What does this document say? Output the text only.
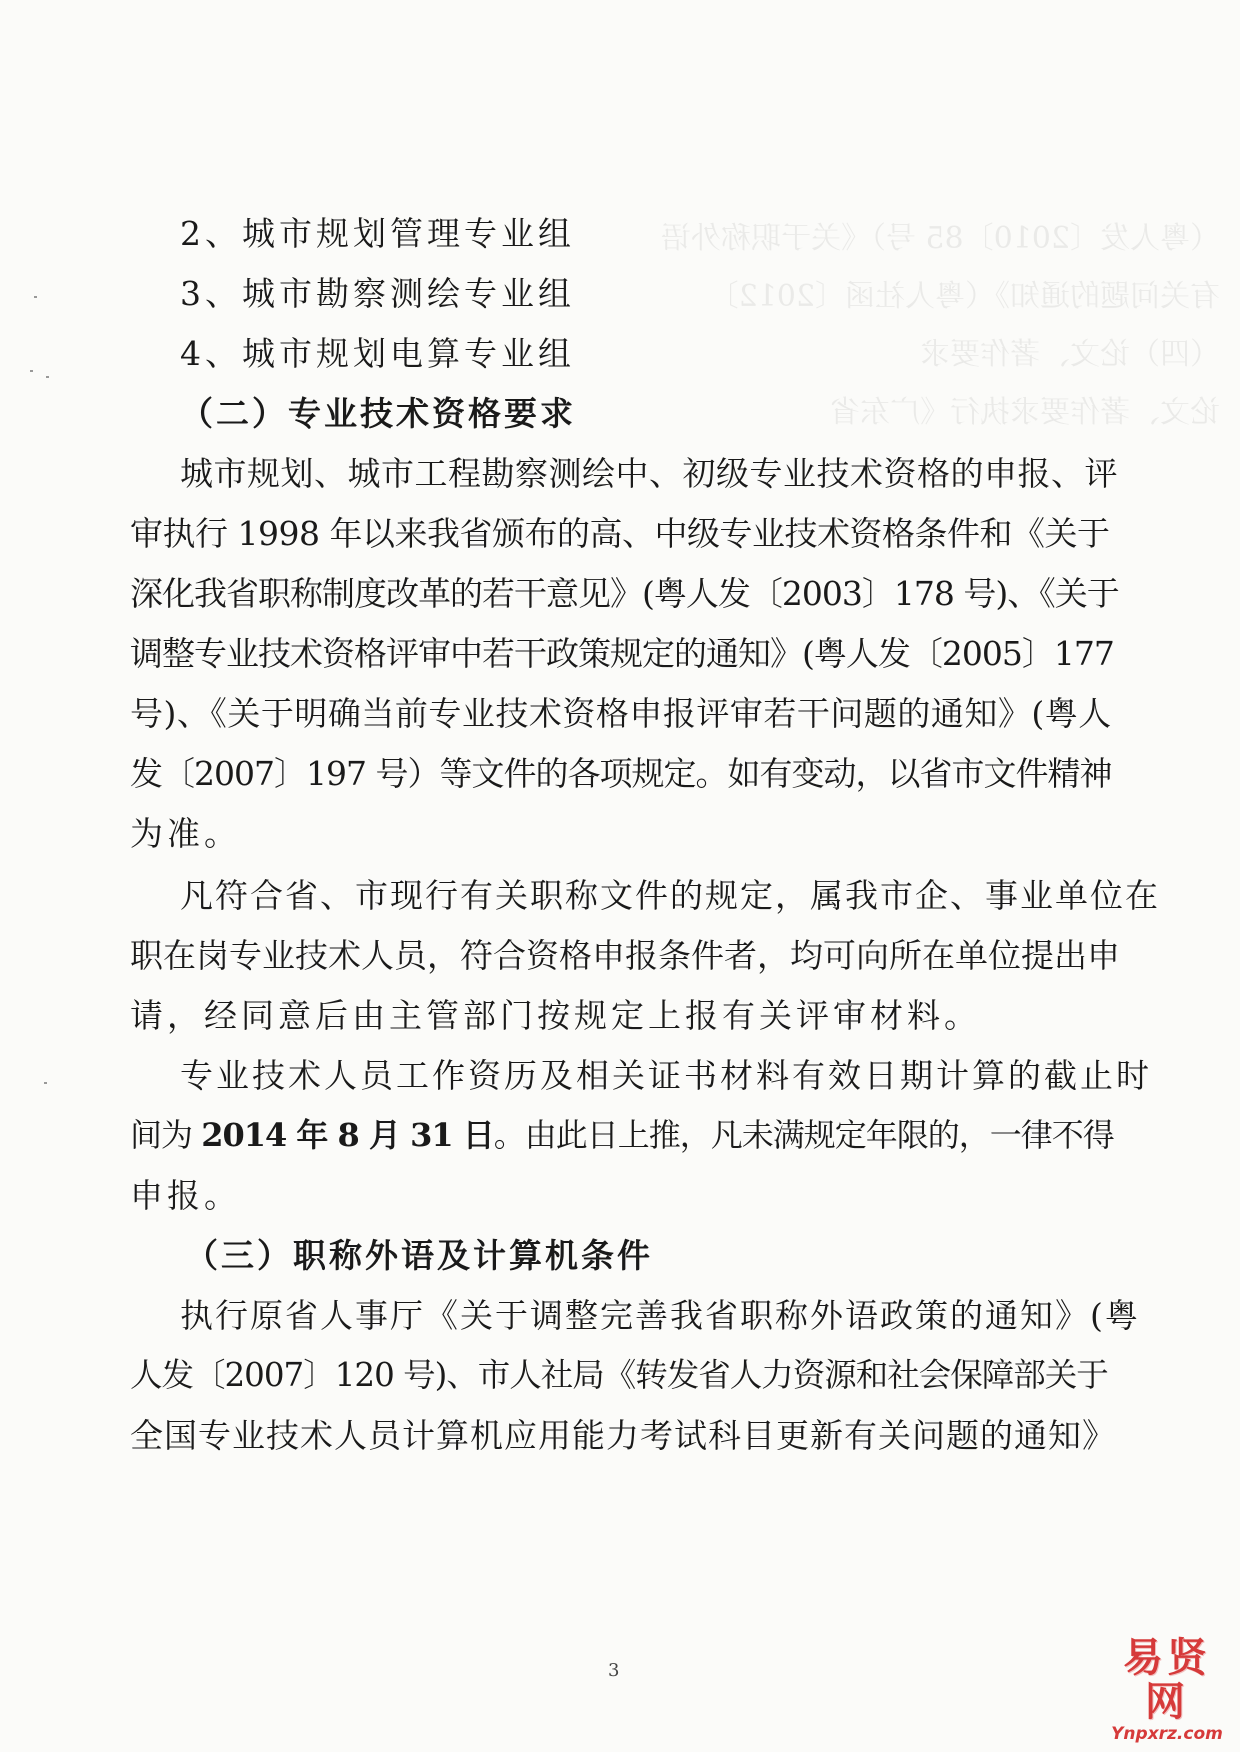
（粤人发〔2010〕85 号）《关于职称外语
有关问题的通知》（粤人社函〔2012〕
（四）论文、著作要求
论文、著作要求执行《广东省
2、城市规划管理专业组
3、城市勘察测绘专业组
4、城市规划电算专业组
（二）专业技术资格要求
城市规划、城市工程勘察测绘中、初级专业技术资格的申报、评
审执行 1998 年以来我省颁布的高、中级专业技术资格条件和《关于
深化我省职称制度改革的若干意见》(粤人发〔2003〕178 号)、《关于
调整专业技术资格评审中若干政策规定的通知》(粤人发〔2005〕177
号)、《关于明确当前专业技术资格申报评审若干问题的通知》(粤人
发〔2007〕197 号）等文件的各项规定。如有变动，以省市文件精神
为准。
凡符合省、市现行有关职称文件的规定，属我市企、事业单位在
职在岗专业技术人员，符合资格申报条件者，均可向所在单位提出申
请，经同意后由主管部门按规定上报有关评审材料。
专业技术人员工作资历及相关证书材料有效日期计算的截止时
间为 2014 年 8 月 31 日。由此日上推，凡未满规定年限的，一律不得
申报。
（三）职称外语及计算机条件
执行原省人事厅《关于调整完善我省职称外语政策的通知》(粤
人发〔2007〕120 号)、市人社局《转发省人力资源和社会保障部关于
全国专业技术人员计算机应用能力考试科目更新有关问题的通知》
3	易贤网
Ynpxrz.com
